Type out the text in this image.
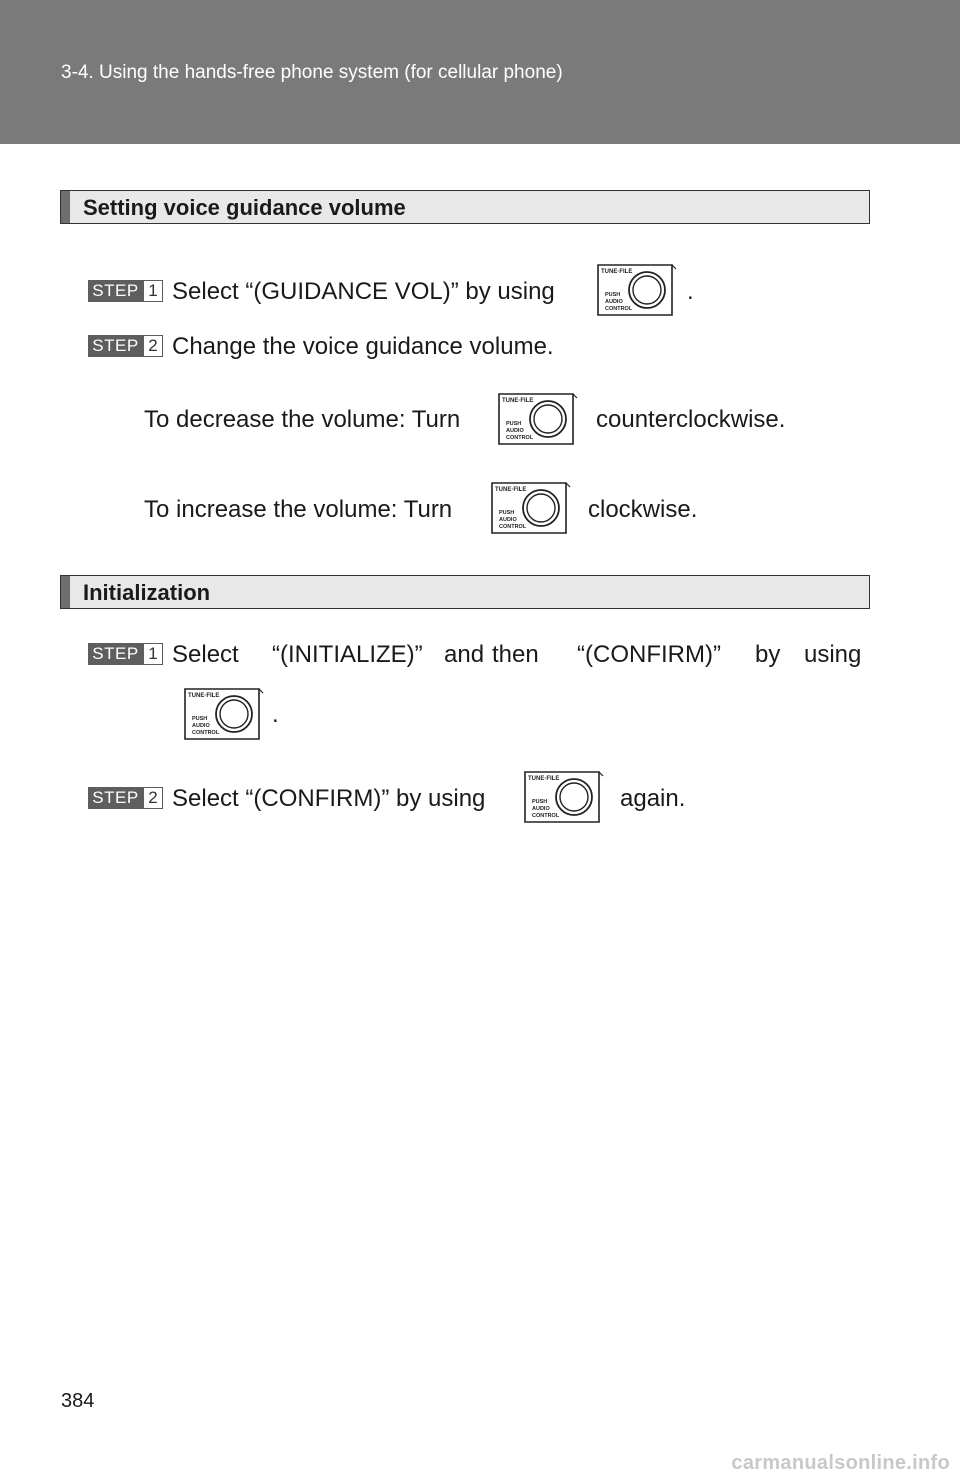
3-4. Using the hands-free phone system (for cellular phone)
Setting voice guidance volume
STEP 1 Select “(GUIDANCE VOL)” by using
TUNE·FILE
PUSH
AUDIO
CONTROL
.
STEP 2 Change the voice guidance volume.
To decrease the volume: Turn
TUNE·FILE
PUSH
AUDIO
CONTROL
counterclockwise.
To increase the volume: Turn
TUNE·FILE
PUSH
AUDIO
CONTROL
clockwise.
Initialization
STEP 1 Select “(INITIALIZE)” and then “(CONFIRM)” by using
TUNE·FILE
PUSH
AUDIO
CONTROL
.
STEP 2 Select “(CONFIRM)” by using
TUNE·FILE
PUSH
AUDIO
CONTROL
again.
384
carmanualsonline.info
